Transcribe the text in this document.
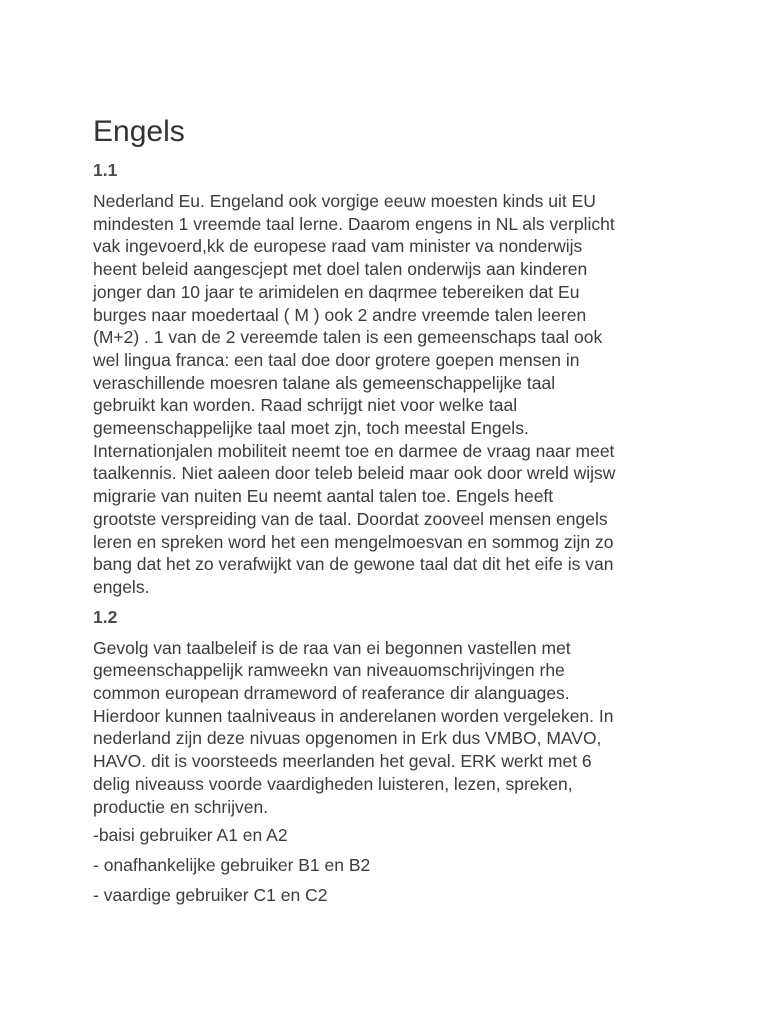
Engels
1.1
Nederland Eu. Engeland ook vorgige eeuw moesten kinds uit EU
mindesten 1 vreemde taal lerne. Daarom engens in NL als verplicht
vak ingevoerd,kk de europese raad vam minister va nonderwijs
heent beleid aangescjept met doel talen onderwijs aan kinderen
jonger dan 10 jaar te arimidelen en daqrmee tebereiken dat Eu
burges naar moedertaal ( M ) ook 2 andre vreemde talen leeren
(M+2) . 1 van de 2 vereemde talen is een gemeenschaps taal ook
wel lingua franca: een taal doe door grotere goepen mensen in
veraschillende moesren talane als gemeenschappelijke taal
gebruikt kan worden. Raad schrijgt niet voor welke taal
gemeenschappelijke taal moet zjn, toch meestal Engels.
Internationjalen mobiliteit neemt toe en darmee de vraag naar meet
taalkennis. Niet aaleen door teleb beleid maar ook door wreld wijsw
migrarie van nuiten Eu neemt aantal talen toe. Engels heeft
grootste verspreiding van de taal. Doordat zooveel mensen engels
leren en spreken word het een mengelmoesvan en sommog zijn zo
bang dat het zo verafwijkt van de gewone taal dat dit het eife is van
engels.
1.2
Gevolg van taalbeleif is de raa van ei begonnen vastellen met
gemeenschappelijk ramweekn van niveauomschrijvingen rhe
common european drrameword of reaferance dir alanguages.
Hierdoor kunnen taalniveaus in anderelanen worden vergeleken. In
nederland zijn deze nivuas opgenomen in Erk dus VMBO, MAVO,
HAVO. dit is voorsteeds meerlanden het geval. ERK werkt met 6
delig niveauss voorde vaardigheden luisteren, lezen, spreken,
productie en schrijven.
-baisi gebruiker A1 en A2
- onafhankelijke gebruiker B1 en B2
- vaardige gebruiker C1 en C2
